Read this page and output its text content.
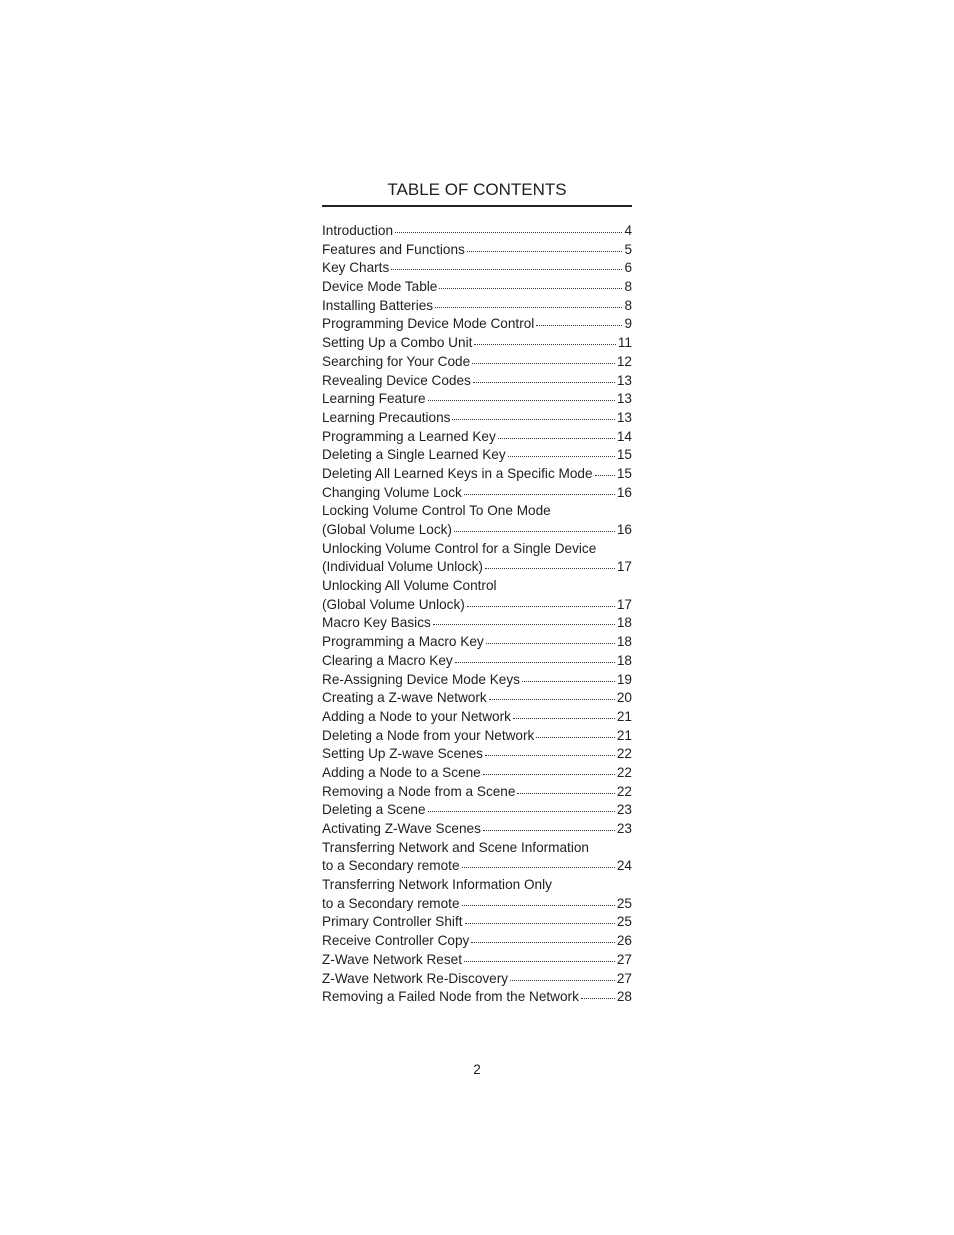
TABLE OF CONTENTS
Introduction	4
Features and Functions	5
Key Charts	6
Device Mode Table	8
Installing Batteries	8
Programming Device Mode Control	9
Setting Up a Combo Unit	11
Searching for Your Code	12
Revealing Device Codes	13
Learning Feature	13
Learning Precautions	13
Programming a Learned Key	14
Deleting a Single Learned Key	15
Deleting All Learned Keys in a Specific Mode 15
Changing Volume Lock	16
Locking Volume Control To One Mode
(Global Volume Lock)	16
Unlocking Volume Control for a Single Device
(Individual Volume Unlock)	17
Unlocking All Volume Control
(Global Volume Unlock)	17
Macro Key Basics	18
Programming a Macro Key	18
Clearing a Macro Key	18
Re-Assigning Device Mode Keys	19
Creating a Z-wave Network	20
Adding a Node to your Network	21
Deleting a Node from your Network	21
Setting Up Z-wave Scenes	22
Adding a Node to a Scene	22
Removing a Node from a Scene	22
Deleting a Scene	23
Activating Z-Wave Scenes	23
Transferring Network and Scene Information
to a Secondary remote	24
Transferring Network Information Only
to a Secondary remote	25
Primary Controller Shift	25
Receive Controller Copy	26
Z-Wave Network Reset	27
Z-Wave Network Re-Discovery	27
Removing a Failed Node from the Network	28
2
